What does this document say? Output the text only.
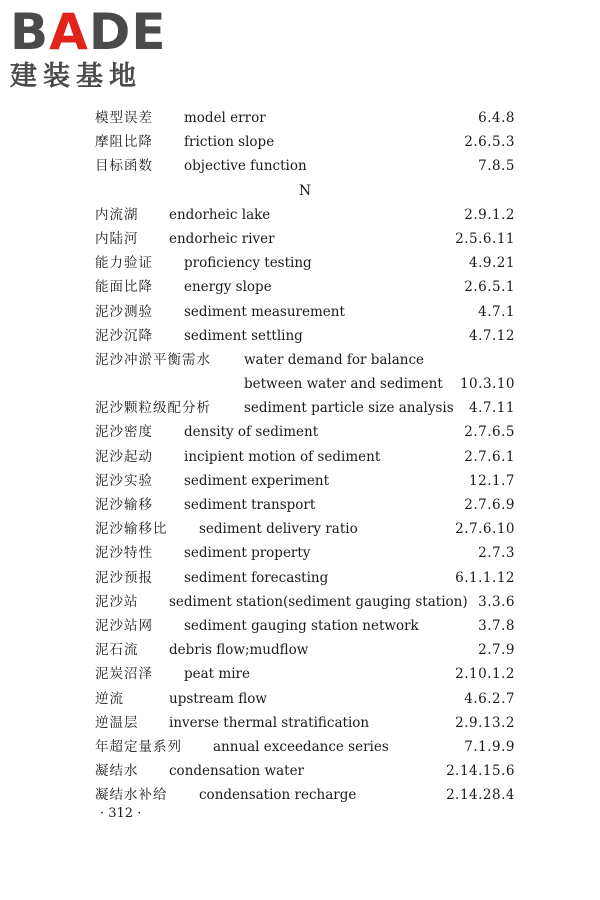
BADE
建装基地
模型误差 model error	6.4.8
摩阻比降 friction slope	2.6.5.3
目标函数 objective function	7.8.5
N
内流湖 endorheic lake	2.9.1.2
内陆河 endorheic river	2.5.6.11
能力验证 proficiency testing	4.9.21
能面比降 energy slope	2.6.5.1
泥沙测验 sediment measurement	4.7.1
泥沙沉降 sediment settling	4.7.12
泥沙冲淤平衡需水 water demand for balance
between water and sediment 10.3.10
泥沙颗粒级配分析 sediment particle size analysis 4.7.11
泥沙密度 density of sediment	2.7.6.5
泥沙起动 incipient motion of sediment	2.7.6.1
泥沙实验 sediment experiment	12.1.7
泥沙输移 sediment transport	2.7.6.9
泥沙输移比 sediment delivery ratio	2.7.6.10
泥沙特性 sediment property	2.7.3
泥沙预报 sediment forecasting	6.1.1.12
泥沙站 sediment station(sediment gauging station) 3.3.6
泥沙站网 sediment gauging station network	3.7.8
泥石流 debris flow;mudflow	2.7.9
泥炭沼泽 peat mire	2.10.1.2
逆流	upstream flow	4.6.2.7
逆温层 inverse thermal stratification	2.9.13.2
年超定量系列 annual exceedance series	7.1.9.9
凝结水 condensation water	2.14.15.6
凝结水补给 condensation recharge	2.14.28.4
· 312 ·
